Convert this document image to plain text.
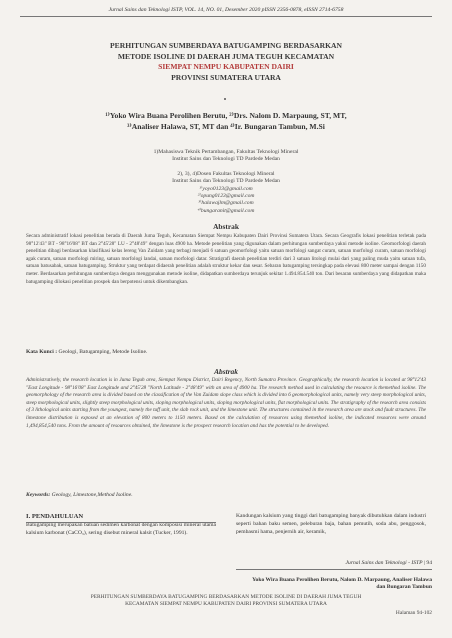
Jurnal Sains dan Teknologi ISTP, VOL. 14, NO. 01, Desember 2020 pISSN 2356-0878, eISSN 2714-6758
PERHITUNGAN SUMBERDAYA BATUGAMPING BERDASARKAN
METODE ISOLINE DI DAERAH JUMA TEGUH KECAMATAN
SIEMPAT NEMPU KABUPATEN DAIRI
PROVINSI SUMATERA UTARA
¹⁾Yoko Wira Buana Perolihen Berutu, ²⁾Drs. Nalom D. Marpaung, ST, MT,
³⁾Analiser Halawa, ST, MT dan ⁴⁾Ir. Bungaran Tambun, M.Si
1)Mahasiswa Teknik Pertambangan, Fakultas Teknologi Mineral
Institut Sains dan Teknologi TD Pardede Medan
2), 3), 4)Dosen Fakultas Teknologi Mineral
Institut Sains dan Teknologi TD Pardede Medan
¹⁾yoyo0123@gmail.com
²⁾opung0123@gmail.com
³⁾halawajlm@gmail.com
⁴⁾bungaranit@gmail.com
Abstrak
Secara administratif lokasi penelitian berada di Daerah Juma Teguh, Kecamatan Siempat Nempu Kabupaten Dairi Provinsi Sumatera Utara. Secara Geografis lokasi penelitian terletak pada 98°12'43" BT - 98°16'08" BT dan 2°45'28" LU - 2°48'49" dengan luas 4900 ha. Metode penelitian yang digunakan dalam perhitungan sumberdaya yakni metode isoline. Geomorfologi daerah penelitian dibagi berdasarkan klasifikasi kelas lereng Van Zuidam yang terbagi menjadi 6 satuan geomorfologi yaitu satuan morfologi sangat curam, satuan morfologi curam, satuan morfologi agak curam, satuan morfologi miring, satuan morfologi landai, satuan morfologi datar. Stratigrafi daerah penelitian terdiri dari 3 satuan litologi mulai dari yang paling muda yaitu satuan tufa, satuan batusabak, satuan batugamping. Struktur yang terdapat didaerah penelitian adalah struktur kekar dan sesar. Sebaran batugamping tersingkap pada elevasi 800 meter sampai dengan 1150 meter. Berdasarkan perhitungan sumberdaya dengan menggunakan metode isoline, didapatkan sumberdaya terunjuk sekitar 1.494.854.540 ton. Dari besaran sumberdaya yang didapatkan maka batugamping dilokasi penelitian prospek dan berpotensi untuk dikembangkan.
Kata Kunci : Geologi, Batugamping, Metode Isoline.
Abstrak
Administratively, the research location is in Juma Teguh area, Siempat Nempu District, Dairi Regency, North Sumatra Province. Geographically, the research location is located at 98°12'43 "East Longitude - 98°16'08" East Longitude and 2°45'28 "North Latitude - 2°48'49" with an area of 4900 ha. The research method used in calculating the resource is themethod isoline. The geomorphology of the research area is divided based on the classification of the Van Zuidam slope class which is divided into 6 geomorphological units, namely very steep morphological units, steep morphological units, slightly steep morphological units, sloping morphological units, sloping morphological units, flat morphological units. The stratigraphy of the research area consists of 3 lithological units starting from the youngest, namely the tuff unit, the slab rock unit, and the limestone unit. The structures contained in the research area are stock and fault structures. The limestone distribution is exposed at an elevation of 800 meters to 1150 meters. Based on the calculation of resources using themethod isoline, the indicated resources were around 1,494,854,540 tons. From the amount of resources obtained, the limestone is the prospect research location and has the potential to be developed.
Keywords: Geology, Limestone,Method Isoline.
I. PENDAHULUAN
Batugamping merupakan batuan sedimen karbonat dengan komposisi mineral utama kalsium karbonat (CaCO₃), sering disebut mineral kalsit (Tucker, 1991).
Kandungan kalsium yang tinggi dari batugamping banyak dibutuhkan dalam industri seperti bahan baku semen, peleburan baja, bahan pemutih, soda abu, penggosok, pembasmi hama, penjernih air, keramik,
Jurnal Sains dan Teknologi - ISTP | 94
Yoko Wira Buana Perolihen Berutu, Nalom D. Marpaung, Analiser Halawa
dan Bungaran Tambun
PERHITUNGAN SUMBERDAYA BATUGAMPING BERDASARKAN METODE ISOLINE DI DAERAH JUMA TEGUH
KECAMATAN SIEMPAT NEMPU KABUPATEN DAIRI PROVINSI SUMATERA UTARA
Halaman 94-102
